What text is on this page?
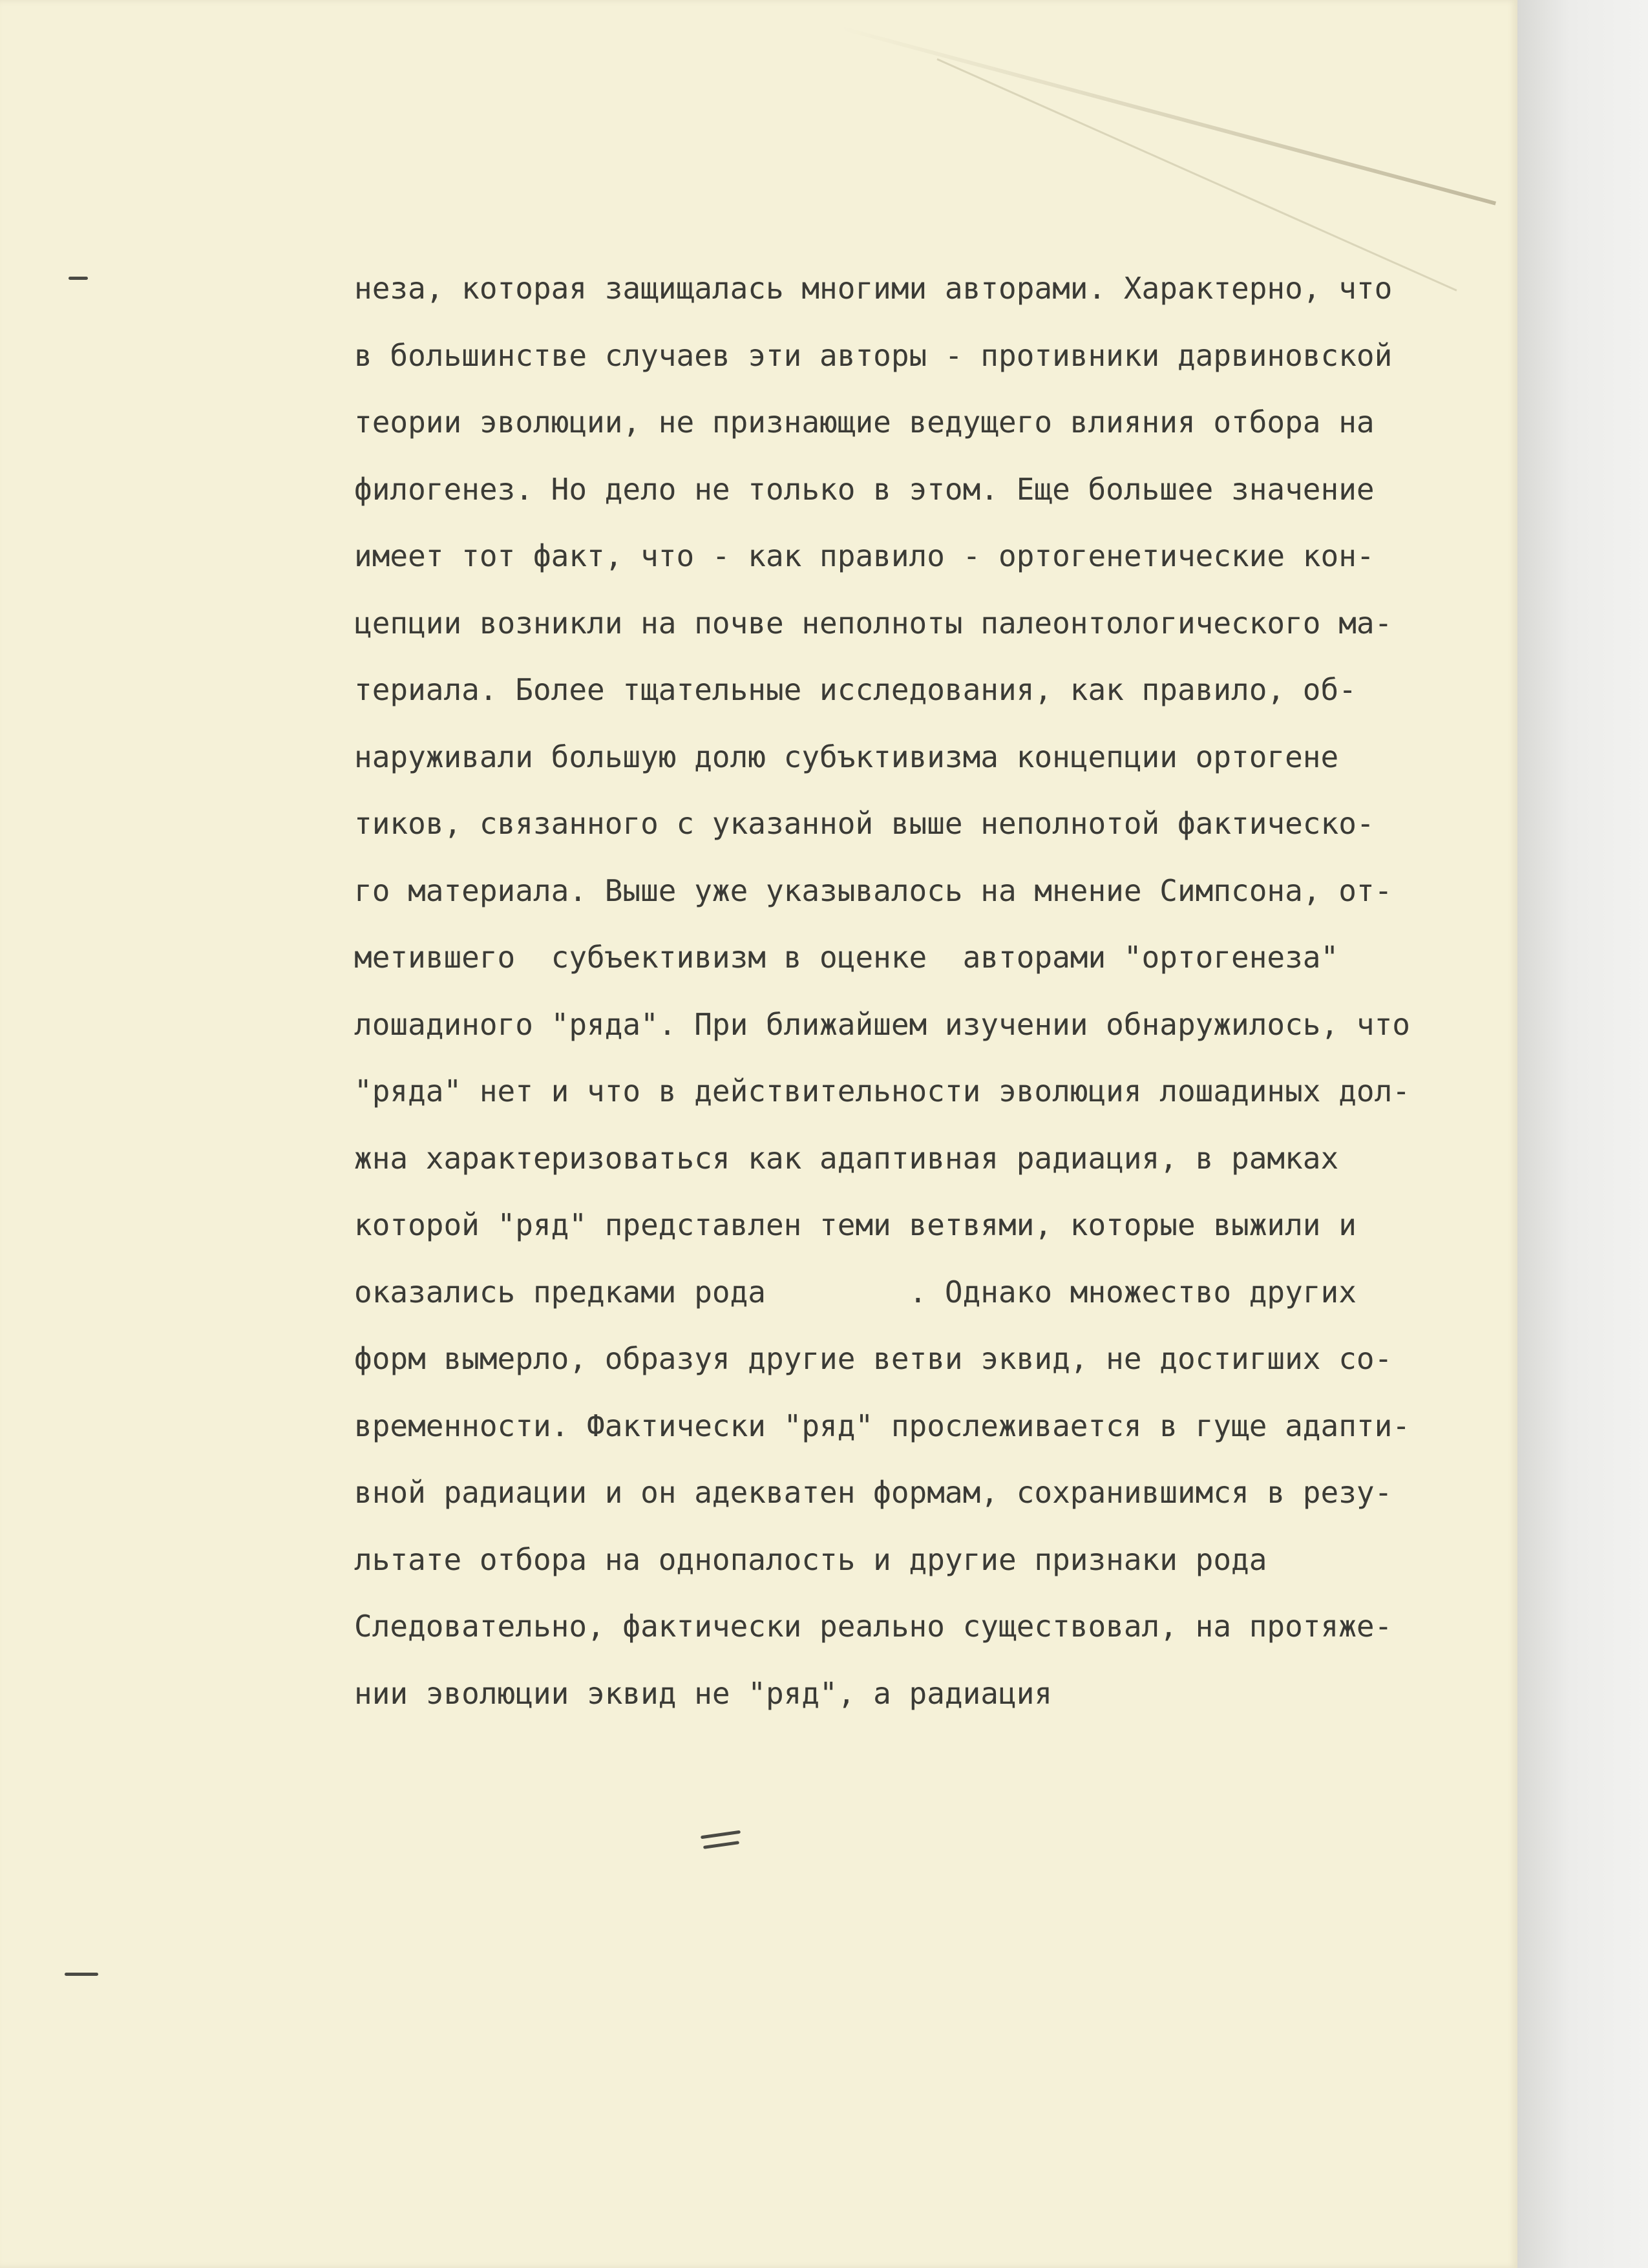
неза, которая защищалась многими авторами. Характерно, что
в большинстве случаев эти авторы - противники дарвиновской
теории эволюции, не признающие ведущего влияния отбора на
филогенез. Но дело не только в этом. Еще большее значение
имеет тот факт, что - как правило - ортогенетические кон-
цепции возникли на почве неполноты палеонтологического ма-
териала. Более тщательные исследования, как правило, об-
наруживали большую долю субъктивизма концепции ортогене
тиков, связанного с указанной выше неполнотой фактическо-
го материала. Выше уже указывалось на мнение Симпсона, от-
метившего  субъективизм в оценке  авторами "ортогенеза"
лошадиного "ряда". При ближайшем изучении обнаружилось, что
"ряда" нет и что в действительности эволюция лошадиных дол-
жна характеризоваться как адаптивная радиация, в рамках
которой "ряд" представлен теми ветвями, которые выжили и
оказались предками рода        . Однако множество других
форм вымерло, образуя другие ветви эквид, не достигших со-
временности. Фактически "ряд" прослеживается в гуще адапти-
вной радиации и он адекватен формам, сохранившимся в резу-
льтате отбора на однопалость и другие признаки рода
Следовательно, фактически реально существовал, на протяже-
нии эволюции эквид не "ряд", а радиация
